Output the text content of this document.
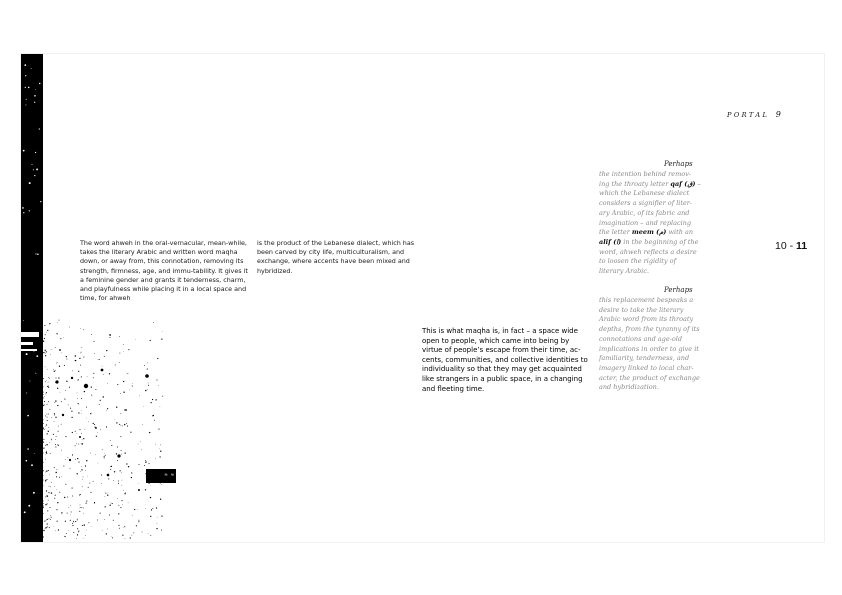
≈ ≈
PORTAL 9
10 - 11

The word ahweh in the oral-vernacular, mean-while, takes the literary Arabic and written word maqha down, or away from, this connotation, removing its strength, firmness, age, and immu-tability. It gives it a feminine gender and grants it tenderness, charm, and playfulness while placing it in a local space and time, for ahweh

is the product of the Lebanese dialect, which has been carved by city life, multiculturalism, and exchange, where accents have been mixed and hybridized.

This is what maqha is, in fact – a space wide open to people, which came into being by virtue of people’s escape from their time, ac-cents, communities, and collective identities to individuality so that they may get acquainted like strangers in a public space, in a changing and fleeting time.

Perhaps

the intention behind remov-ing the throaty letter qaf (ق) – which the Lebanese dialect considers a signifier of liter-ary Arabic, of its fabric and imagination – and replacing the letter meem (م) with an alif (ا) in the beginning of the word, ahweh reflects a desire to loosen the rigidity of literary Arabic.

Perhaps

this replacement bespeaks a desire to take the literary Arabic word from its throaty depths, from the tyranny of its connotations and age-old implications in order to give it familiarity, tenderness, and imagery linked to local char-acter, the product of exchange and hybridization.
